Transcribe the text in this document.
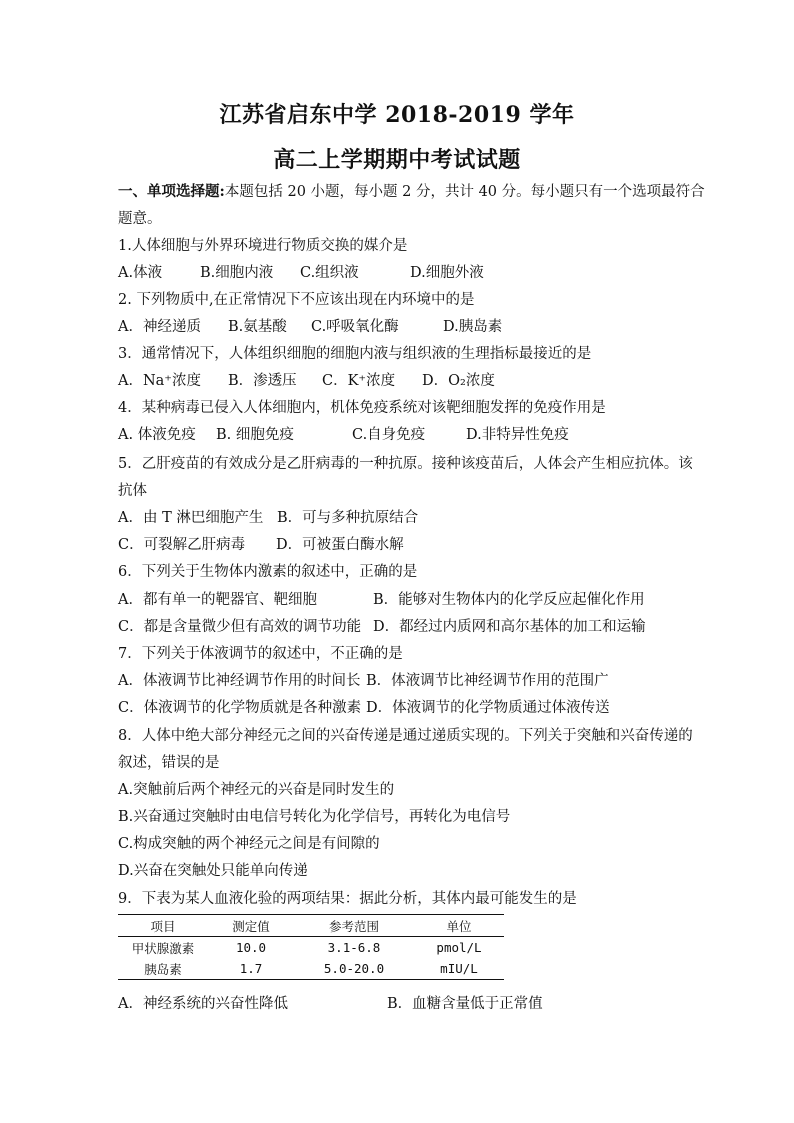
江苏省启东中学 2018-2019 学年
高二上学期期中考试试题
一、单项选择题:本题包括 20 小题，每小题 2 分，共计 40 分。每小题只有一个选项最符合
题意。
1.人体细胞与外界环境进行物质交换的媒介是
A.体液	B.细胞内液 C.组织液	D.细胞外液
2. 下列物质中,在正常情况下不应该出现在内环境中的是
A．神经递质 B.氨基酸 C.呼吸氧化酶	D.胰岛素
3．通常情况下，人体组织细胞的细胞内液与组织液的生理指标最接近的是
A．Na⁺浓度 B．渗透压 C．K⁺浓度 D．O₂浓度
4．某种病毒已侵入人体细胞内，机体免疫系统对该靶细胞发挥的免疫作用是
A. 体液免疫 B. 细胞免疫	C.自身免疫	D.非特异性免疫
5．乙肝疫苗的有效成分是乙肝病毒的一种抗原。接种该疫苗后，人体会产生相应抗体。该
抗体
A．由 T 淋巴细胞产生 B．可与多种抗原结合
C．可裂解乙肝病毒 D．可被蛋白酶水解
6．下列关于生物体内激素的叙述中，正确的是
A．都有单一的靶器官、靶细胞	B．能够对生物体内的化学反应起催化作用
C．都是含量微少但有高效的调节功能 D．都经过内质网和高尔基体的加工和运输
7．下列关于体液调节的叙述中，不正确的是
A．体液调节比神经调节作用的时间长 B．体液调节比神经调节作用的范围广
C．体液调节的化学物质就是各种激素 D．体液调节的化学物质通过体液传送
8．人体中绝大部分神经元之间的兴奋传递是通过递质实现的。下列关于突触和兴奋传递的
叙述，错误的是
A.突触前后两个神经元的兴奋是同时发生的
B.兴奋通过突触时由电信号转化为化学信号，再转化为电信号
C.构成突触的两个神经元之间是有间隙的
D.兴奋在突触处只能单向传递
9．下表为某人血液化验的两项结果：据此分析，其体内最可能发生的是
项目	测定值	参考范围	单位
甲状腺激素	10.0	3.1-6.8	pmol/L
胰岛素	1.7	5.0-20.0	mIU/L
A．神经系统的兴奋性降低	B．血糖含量低于正常值
